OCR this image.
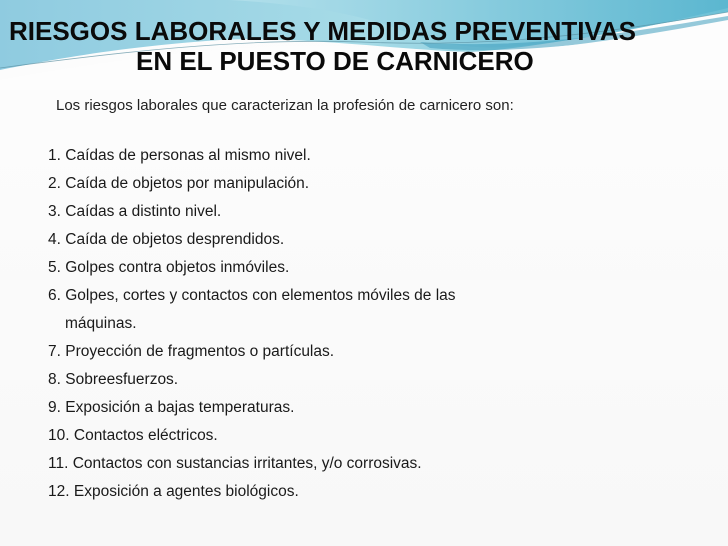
RIESGOS LABORALES Y MEDIDAS PREVENTIVAS
EN EL PUESTO DE CARNICERO

Los riesgos laborales que caracterizan la profesión de carnicero son:

1. Caídas de personas al mismo nivel.
2. Caída de objetos por manipulación.
3. Caídas a distinto nivel.
4. Caída de objetos desprendidos.
5. Golpes contra objetos inmóviles.
6. Golpes, cortes y contactos con elementos móviles de las
máquinas.
7. Proyección de fragmentos o partículas.
8. Sobreesfuerzos.
9. Exposición a bajas temperaturas.
10. Contactos eléctricos.
11. Contactos con sustancias irritantes, y/o corrosivas.
12. Exposición a agentes biológicos.
